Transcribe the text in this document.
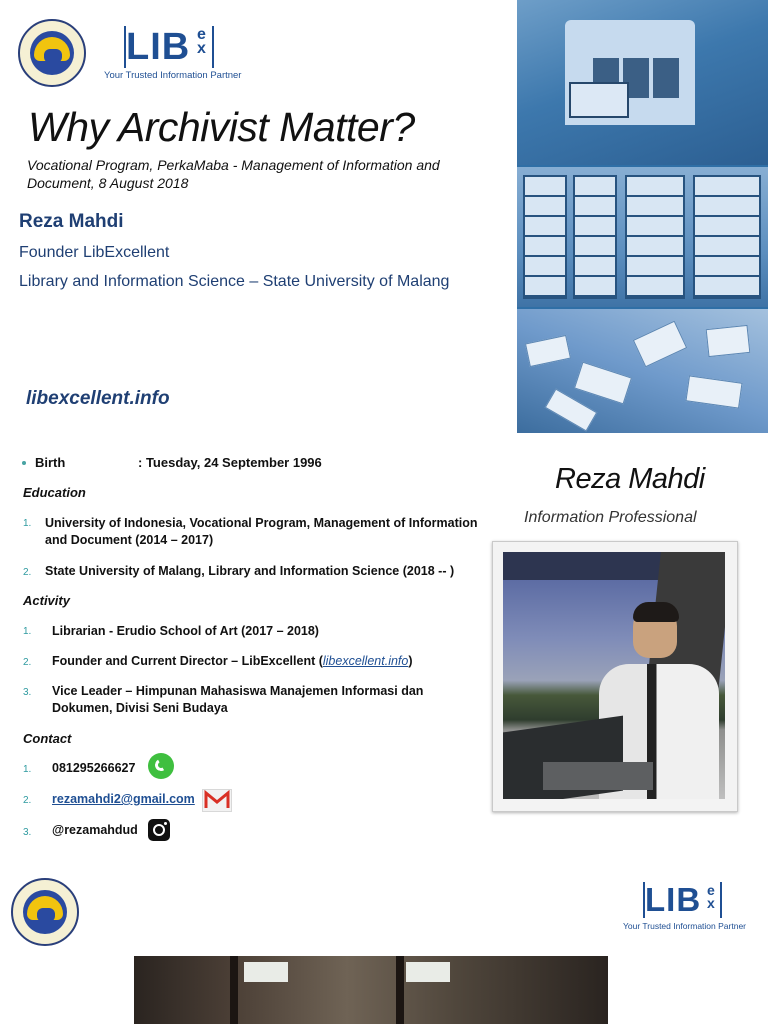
LIB ex
Your Trusted Information Partner
Why Archivist Matter?
Vocational Program, PerkaMaba - Management of Information and Document, 8 August 2018
Reza Mahdi
Founder LibExcellent
Library and Information Science – State University of Malang
libexcellent.info
Birth	: Tuesday, 24 September 1996
Education
1. University of Indonesia, Vocational Program, Management of Information and Document (2014 – 2017)
2. State University of Malang, Library and Information Science (2018 -- )
Activity
1. Librarian - Erudio School of Art (2017 – 2018)
2. Founder and Current Director – LibExcellent (libexcellent.info)
3. Vice Leader – Himpunan Mahasiswa Manajemen Informasi dan Dokumen, Divisi Seni Budaya
Contact
1. 081295266627
2. rezamahdi2@gmail.com
3. @rezamahdud
Reza Mahdi
Information Professional
LIB ex
Your Trusted Information Partner
